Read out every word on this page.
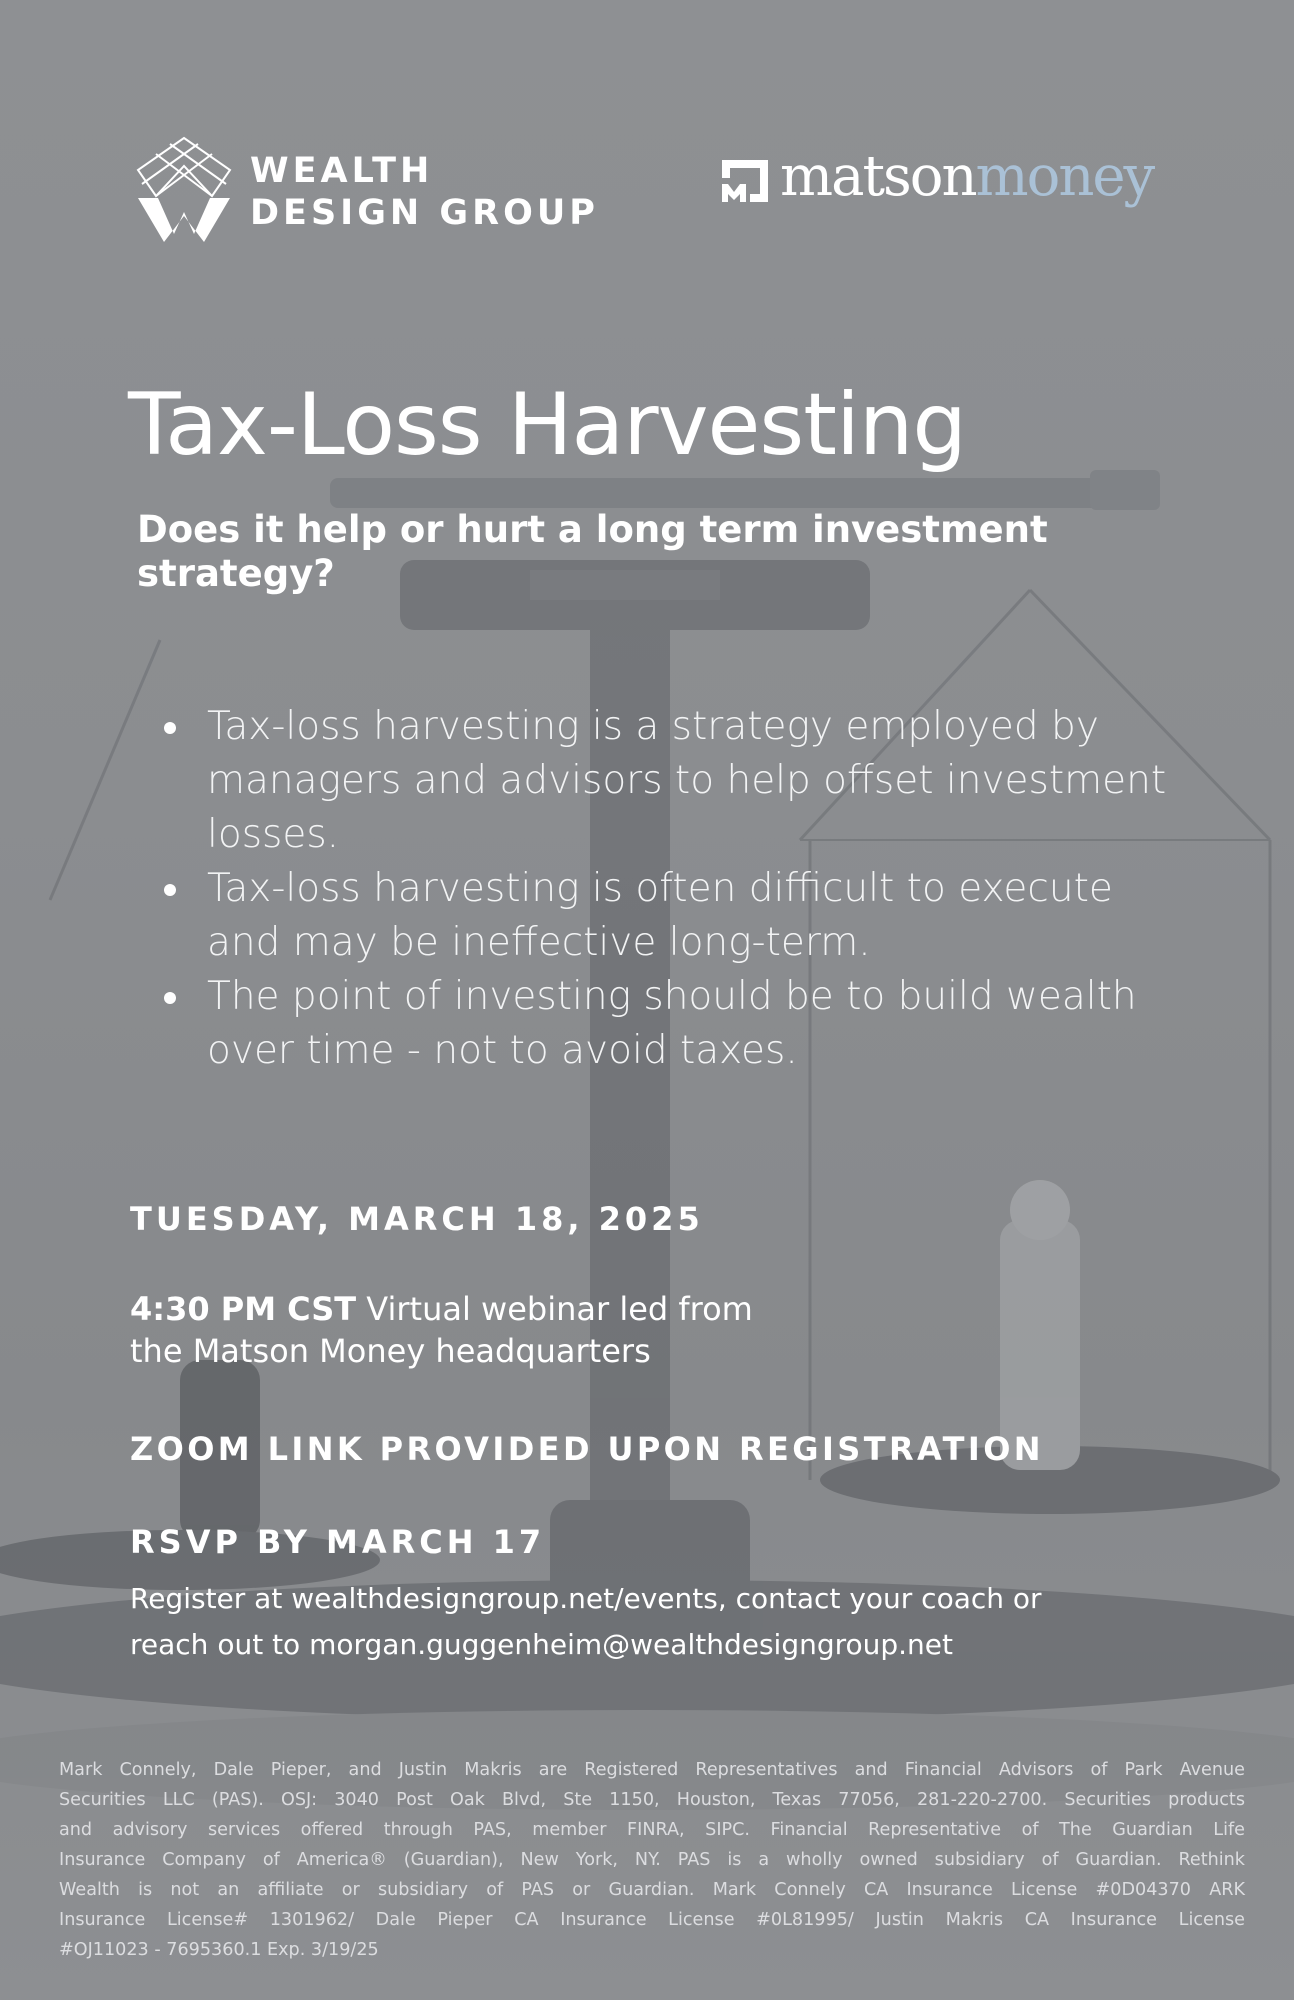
WEALTH
DESIGN GROUP
matsonmoney
Tax-Loss Harvesting
Does it help or hurt a long term investment
strategy?
Tax-loss harvesting is a strategy employed by
managers and advisors to help offset investment
losses.
Tax-loss harvesting is often difficult to execute
and may be ineffective long-term.
The point of investing should be to build wealth
over time - not to avoid taxes.

TUESDAY, MARCH 18, 2025

4:30 PM CST Virtual webinar led from
the Matson Money headquarters

ZOOM LINK PROVIDED UPON REGISTRATION

RSVP BY MARCH 17

Register at wealthdesigngroup.net/events, contact your coach or
reach out to morgan.guggenheim@wealthdesigngroup.net

Mark Connely, Dale Pieper, and Justin Makris are Registered Representatives and Financial Advisors of Park Avenue
Securities LLC (PAS). OSJ: 3040 Post Oak Blvd, Ste 1150, Houston, Texas 77056, 281-220-2700. Securities products
and advisory services offered through PAS, member FINRA, SIPC. Financial Representative of The Guardian Life
Insurance Company of America® (Guardian), New York, NY. PAS is a wholly owned subsidiary of Guardian. Rethink
Wealth is not an affiliate or subsidiary of PAS or Guardian. Mark Connely CA Insurance License #0D04370 ARK
Insurance License# 1301962/ Dale Pieper CA Insurance License #0L81995/ Justin Makris CA Insurance License
#OJ11023 - 7695360.1 Exp. 3/19/25
